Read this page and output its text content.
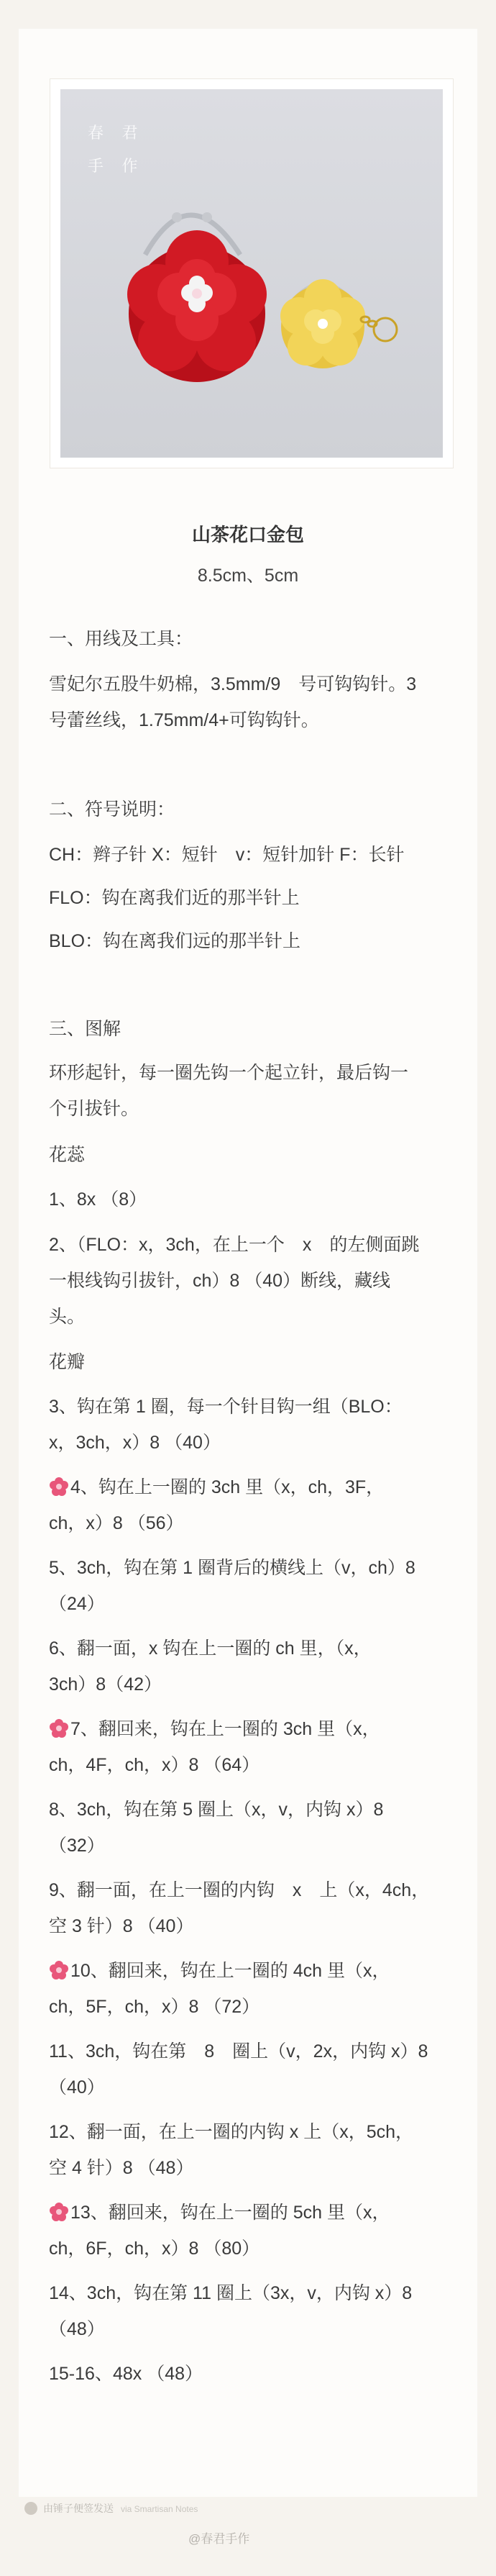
春 君
手 作
山茶花口金包
8.5cm、5cm
一、用线及工具：
雪妃尔五股牛奶棉，3.5mm/9　号可钩钩针。3
号蕾丝线，1.75mm/4+可钩钩针。
二、符号说明：
CH：辫子针 X：短针　v：短针加针 F：长针
FLO：钩在离我们近的那半针上
BLO：钩在离我们远的那半针上
三、图解
环形起针，每一圈先钩一个起立针，最后钩一
个引拔针。
花蕊
1、8x （8）
2、（FLO：x，3ch，在上一个　x　的左侧面跳
一根线钩引拔针，ch）8 （40）断线，藏线
头。
花瓣
3、钩在第 1 圈，每一个针目钩一组（BLO：
x，3ch，x）8 （40）
4、钩在上一圈的 3ch 里（x，ch，3F，
ch，x）8 （56）
5、3ch，钩在第 1 圈背后的横线上（v，ch）8
（24）
6、翻一面，x 钩在上一圈的 ch 里，（x，
3ch）8（42）
7、翻回来，钩在上一圈的 3ch 里（x，
ch，4F，ch，x）8 （64）
8、3ch，钩在第 5 圈上（x，v，内钩 x）8
（32）
9、翻一面，在上一圈的内钩　x　上（x，4ch，
空 3 针）8 （40）
10、翻回来，钩在上一圈的 4ch 里（x，
ch，5F，ch，x）8 （72）
11、3ch，钩在第　8　圈上（v，2x，内钩 x）8
（40）
12、翻一面，在上一圈的内钩 x 上（x，5ch，
空 4 针）8 （48）
13、翻回来，钩在上一圈的 5ch 里（x，
ch，6F，ch，x）8 （80）
14、3ch，钩在第 11 圈上（3x，v，内钩 x）8
（48）
15-16、48x （48）
由锤子便签发送 via Smartisan Notes
@春君手作
